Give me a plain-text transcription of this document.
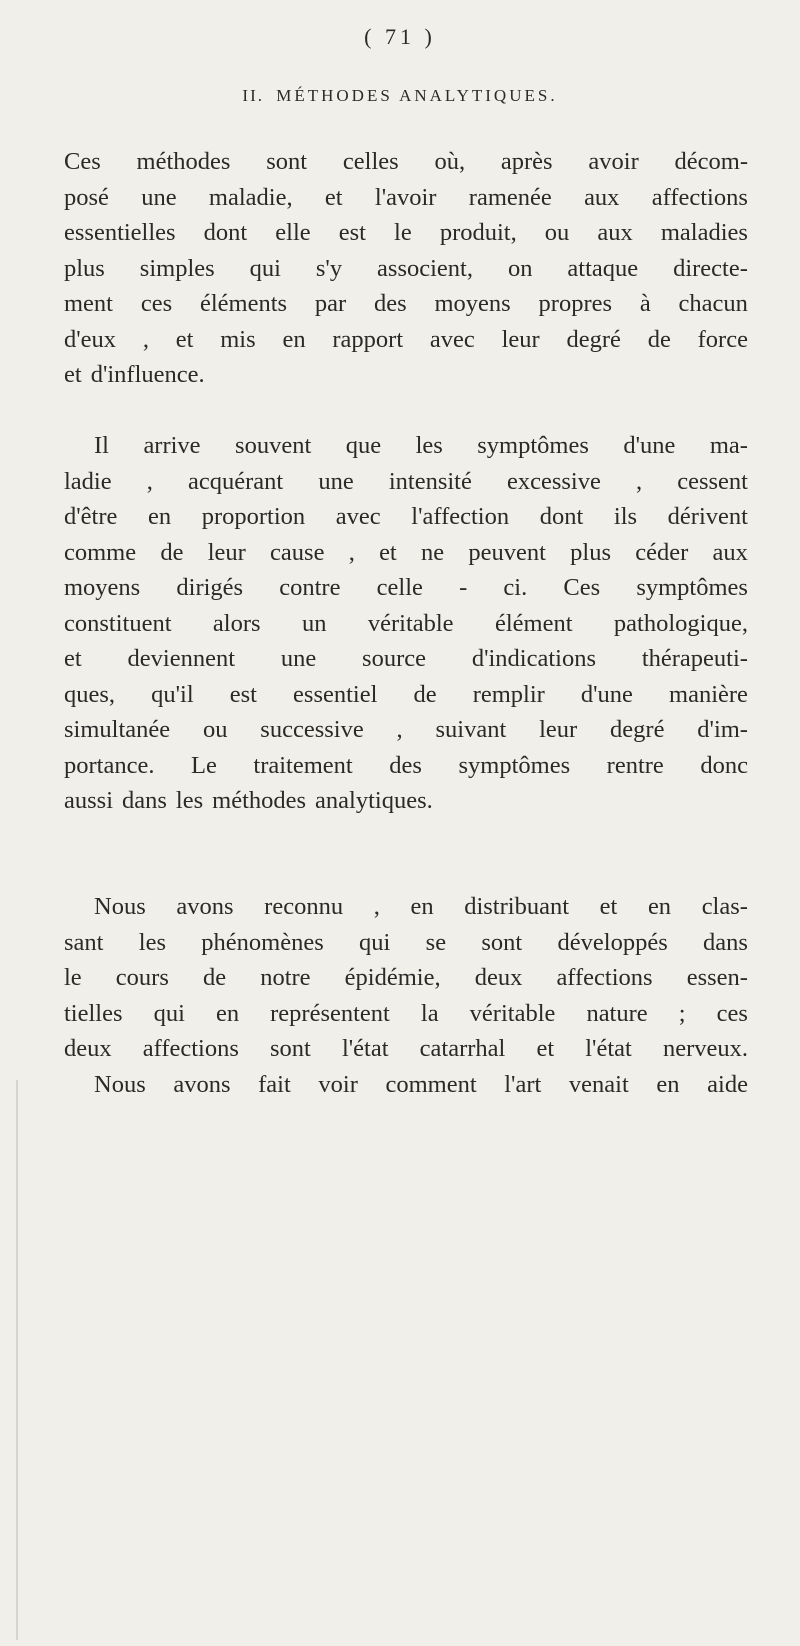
( 71 )
II. MÉTHODES ANALYTIQUES.
Ces méthodes sont celles où, après avoir décom-
posé une maladie, et l'avoir ramenée aux affections
essentielles dont elle est le produit, ou aux maladies
plus simples qui s'y associent, on attaque directe-
ment ces éléments par des moyens propres à chacun
d'eux , et mis en rapport avec leur degré de force
et d'influence.
Il arrive souvent que les symptômes d'une ma-
ladie , acquérant une intensité excessive , cessent
d'être en proportion avec l'affection dont ils dérivent
comme de leur cause , et ne peuvent plus céder aux
moyens dirigés contre celle - ci. Ces symptômes
constituent alors un véritable élément pathologique,
et deviennent une source d'indications thérapeuti-
ques, qu'il est essentiel de remplir d'une manière
simultanée ou successive , suivant leur degré d'im-
portance. Le traitement des symptômes rentre donc
aussi dans les méthodes analytiques.
Nous avons reconnu , en distribuant et en clas-
sant les phénomènes qui se sont développés dans
le cours de notre épidémie, deux affections essen-
tielles qui en représentent la véritable nature ; ces
deux affections sont l'état catarrhal et l'état nerveux.
Nous avons fait voir comment l'art venait en aide
